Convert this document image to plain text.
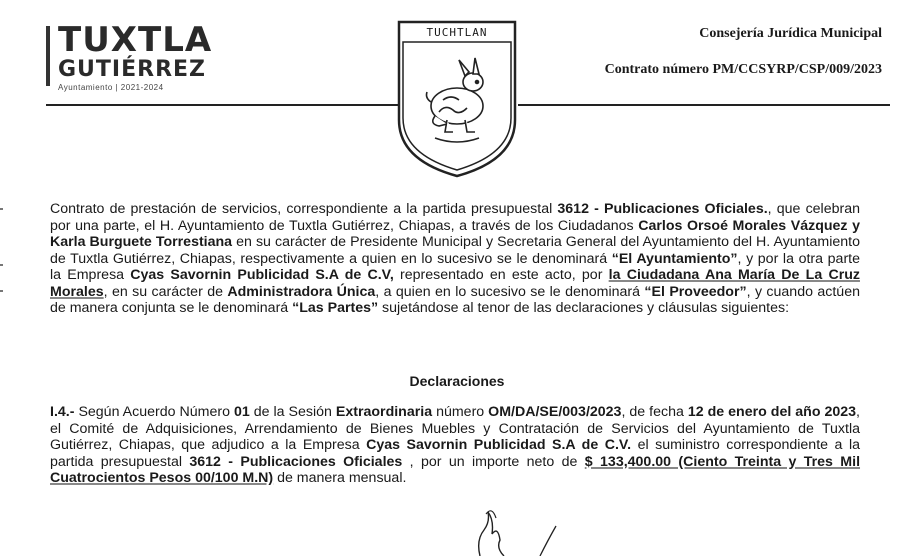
TUXTLA
GUTIÉRREZ
Ayuntamiento | 2021-2024
TUCHTLAN	Consejería Jurídica Municipal
Contrato número PM/CCSYRP/CSP/009/2023
Contrato de prestación de servicios, correspondiente a la partida presupuestal 3612 - Publicaciones Oficiales., que celebran por una parte, el H. Ayuntamiento de Tuxtla Gutiérrez, Chiapas, a través de los Ciudadanos Carlos Orsoé Morales Vázquez y Karla Burguete Torrestiana en su carácter de Presidente Municipal y Secretaria General del Ayuntamiento del H. Ayuntamiento de Tuxtla Gutiérrez, Chiapas, respectivamente a quien en lo sucesivo se le denominará “El Ayuntamiento”, y por la otra parte la Empresa Cyas Savornin Publicidad S.A de C.V, representado en este acto, por la Ciudadana Ana María De La Cruz Morales, en su carácter de Administradora Única, a quien en lo sucesivo se le denominará “El Proveedor”, y cuando actúen de manera conjunta se le denominará “Las Partes” sujetándose al tenor de las declaraciones y cláusulas siguientes:
Declaraciones
I.4.- Según Acuerdo Número 01 de la Sesión Extraordinaria número OM/DA/SE/003/2023, de fecha 12 de enero del año 2023, el Comité de Adquisiciones, Arrendamiento de Bienes Muebles y Contratación de Servicios del Ayuntamiento de Tuxtla Gutiérrez, Chiapas, que adjudico a la Empresa Cyas Savornin Publicidad S.A de C.V. el suministro correspondiente a la partida presupuestal 3612 - Publicaciones Oficiales , por un importe neto de $ 133,400.00 (Ciento Treinta y Tres Mil Cuatrocientos Pesos 00/100 M.N) de manera mensual.
